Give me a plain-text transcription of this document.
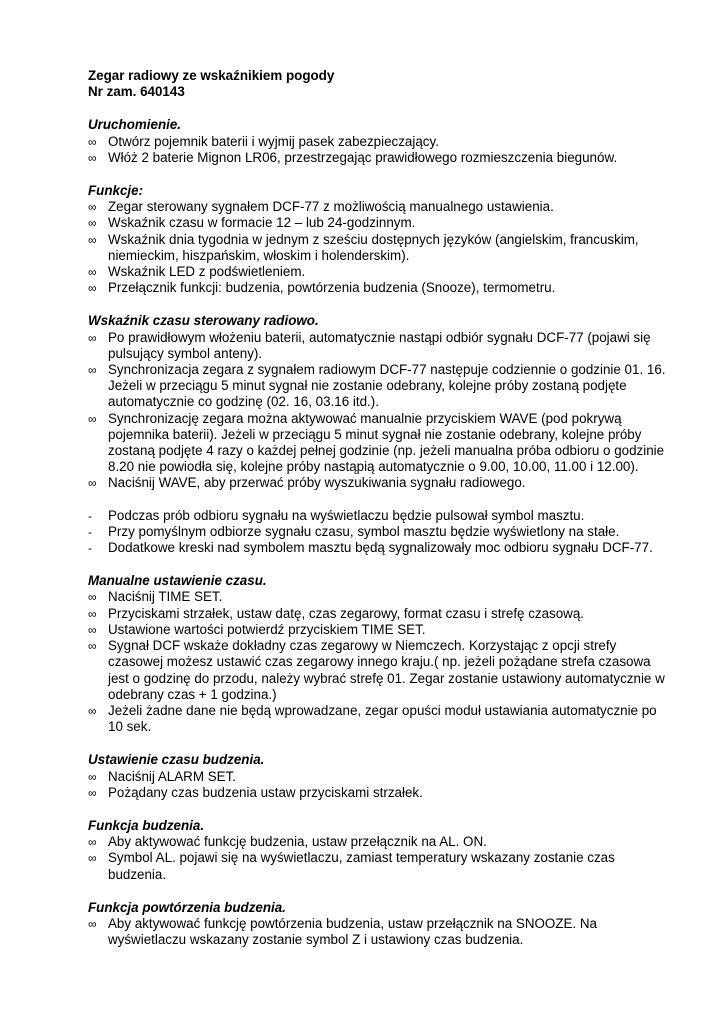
Zegar radiowy ze wskaźnikiem pogody
Nr zam. 640143
Uruchomienie.
∞ Otwórz pojemnik baterii i wyjmij pasek zabezpieczający.
∞ Włóż 2 baterie Mignon LR06, przestrzegając prawidłowego rozmieszczenia biegunów.
Funkcje:
∞ Zegar sterowany sygnałem DCF-77 z możliwością manualnego ustawienia.
∞ Wskaźnik czasu w formacie 12 – lub 24-godzinnym.
∞ Wskaźnik dnia tygodnia w jednym z sześciu dostępnych języków (angielskim, francuskim, niemieckim, hiszpańskim, włoskim i holenderskim).
∞ Wskaźnik LED z podświetleniem.
∞ Przełącznik funkcji: budzenia, powtórzenia budzenia (Snooze), termometru.
Wskaźnik czasu sterowany radiowo.
∞ Po prawidłowym włożeniu baterii, automatycznie nastąpi odbiór sygnału DCF-77 (pojawi się pulsujący symbol anteny).
∞ Synchronizacja zegara z sygnałem radiowym DCF-77 następuje codziennie o godzinie 01. 16. Jeżeli w przeciągu 5 minut sygnał nie zostanie odebrany, kolejne próby zostaną podjęte automatycznie co godzinę (02. 16, 03.16 itd.).
∞ Synchronizację zegara można aktywować manualnie przyciskiem WAVE (pod pokrywą pojemnika baterii). Jeżeli w przeciągu 5 minut sygnał nie zostanie odebrany, kolejne próby zostaną podjęte 4 razy o każdej pełnej godzinie (np. jeżeli manualna próba odbioru o godzinie 8.20 nie powiodła się, kolejne próby nastąpią automatycznie o 9.00, 10.00, 11.00 i 12.00).
∞ Naciśnij WAVE, aby przerwać próby wyszukiwania sygnału radiowego.
-	Podczas prób odbioru sygnału na wyświetlaczu będzie pulsował symbol masztu.
-	Przy pomyślnym odbiorze sygnału czasu, symbol masztu będzie wyświetlony na stałe.
-	Dodatkowe kreski nad symbolem masztu będą sygnalizowały moc odbioru sygnału DCF-77.
Manualne ustawienie czasu.
∞ Naciśnij TIME SET.
∞ Przyciskami strzałek, ustaw datę, czas zegarowy, format czasu i strefę czasową.
∞ Ustawione wartości potwierdź przyciskiem TIME SET.
∞ Sygnał DCF wskaże dokładny czas zegarowy w Niemczech. Korzystając z opcji strefy czasowej możesz ustawić czas zegarowy innego kraju.( np. jeżeli pożądane strefa czasowa jest o godzinę do przodu, należy wybrać strefę 01. Zegar zostanie ustawiony automatycznie w odebrany czas + 1 godzina.)
∞ Jeżeli żadne dane nie będą wprowadzane, zegar opuści moduł ustawiania automatycznie po 10 sek.
Ustawienie czasu budzenia.
∞ Naciśnij ALARM SET.
∞ Pożądany czas budzenia ustaw przyciskami strzałek.
Funkcja budzenia.
∞ Aby aktywować funkcję budzenia, ustaw przełącznik na AL. ON.
∞ Symbol AL. pojawi się na wyświetlaczu, zamiast temperatury wskazany zostanie czas budzenia.
Funkcja powtórzenia budzenia.
∞ Aby aktywować funkcję powtórzenia budzenia, ustaw przełącznik na SNOOZE. Na wyświetlaczu wskazany zostanie symbol Z i ustawiony czas budzenia.
